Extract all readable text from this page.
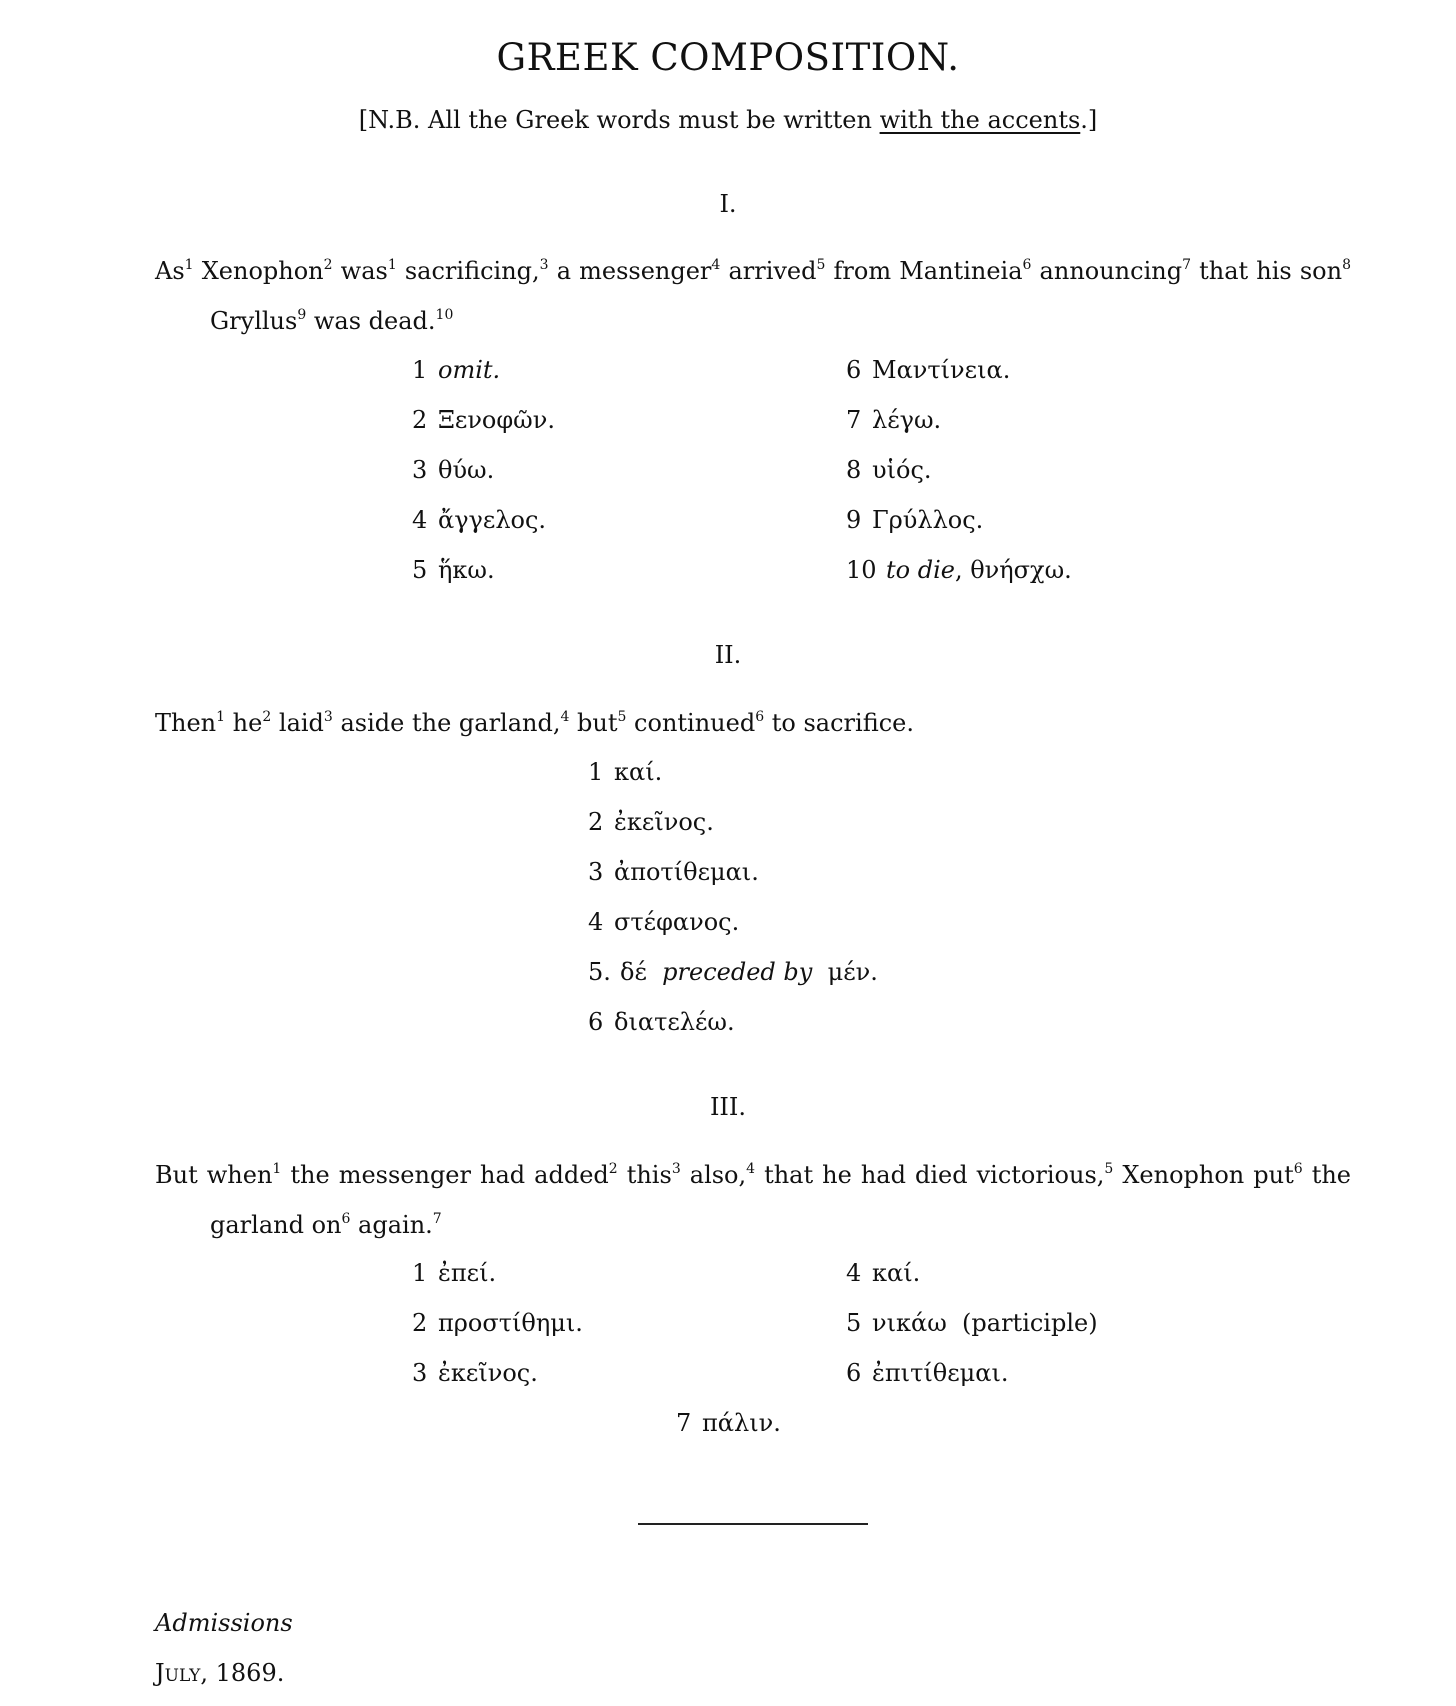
GREEK COMPOSITION.
[N.B. All the Greek words must be written with the accents.]
I.
As$^1$ Xenophon$^2$ was$^1$ sacrificing,$^3$ a messenger$^4$ arrived$^5$ from Mantineia$^6$ announcing$^7$ that his son$^8$
Gryllus$^9$ was dead.$^{10}$
1 omit.
2 Ξενοφῶν.
3 θύω.
4 ἄγγελος.
5 ἥκω.
6 Μαντίνεια.
7 λέγω.
8 υἱός.
9 Γρύλλος.
10 to die, θνήσχω.
II.
Then$^1$ $he^2$ laid$^3$ aside the garland,$^4$ but$^5$ continued$^6$ to sacrifice.
1 καί.
2 ἐκεῖνος.
3 ἀποτίθεμαι.
4 στέφανος.
5. δέ preceded by μέν.
6 διατελέω.
III.
But when$^1$ the messenger had added$^2$ this$^3$ also,$^4$ that he had died victorious,$^5$ Xenophon put$^6$ the
garland $on^6$ again.$^7$
1 ἐπεί.
2 προστίθημι.
3 ἐκεῖνος.
4 καί.
5 νικάω  (participle)
6 ἐπιτίθεμαι.
7 πάλιν.
Admissions
July, 1869.
